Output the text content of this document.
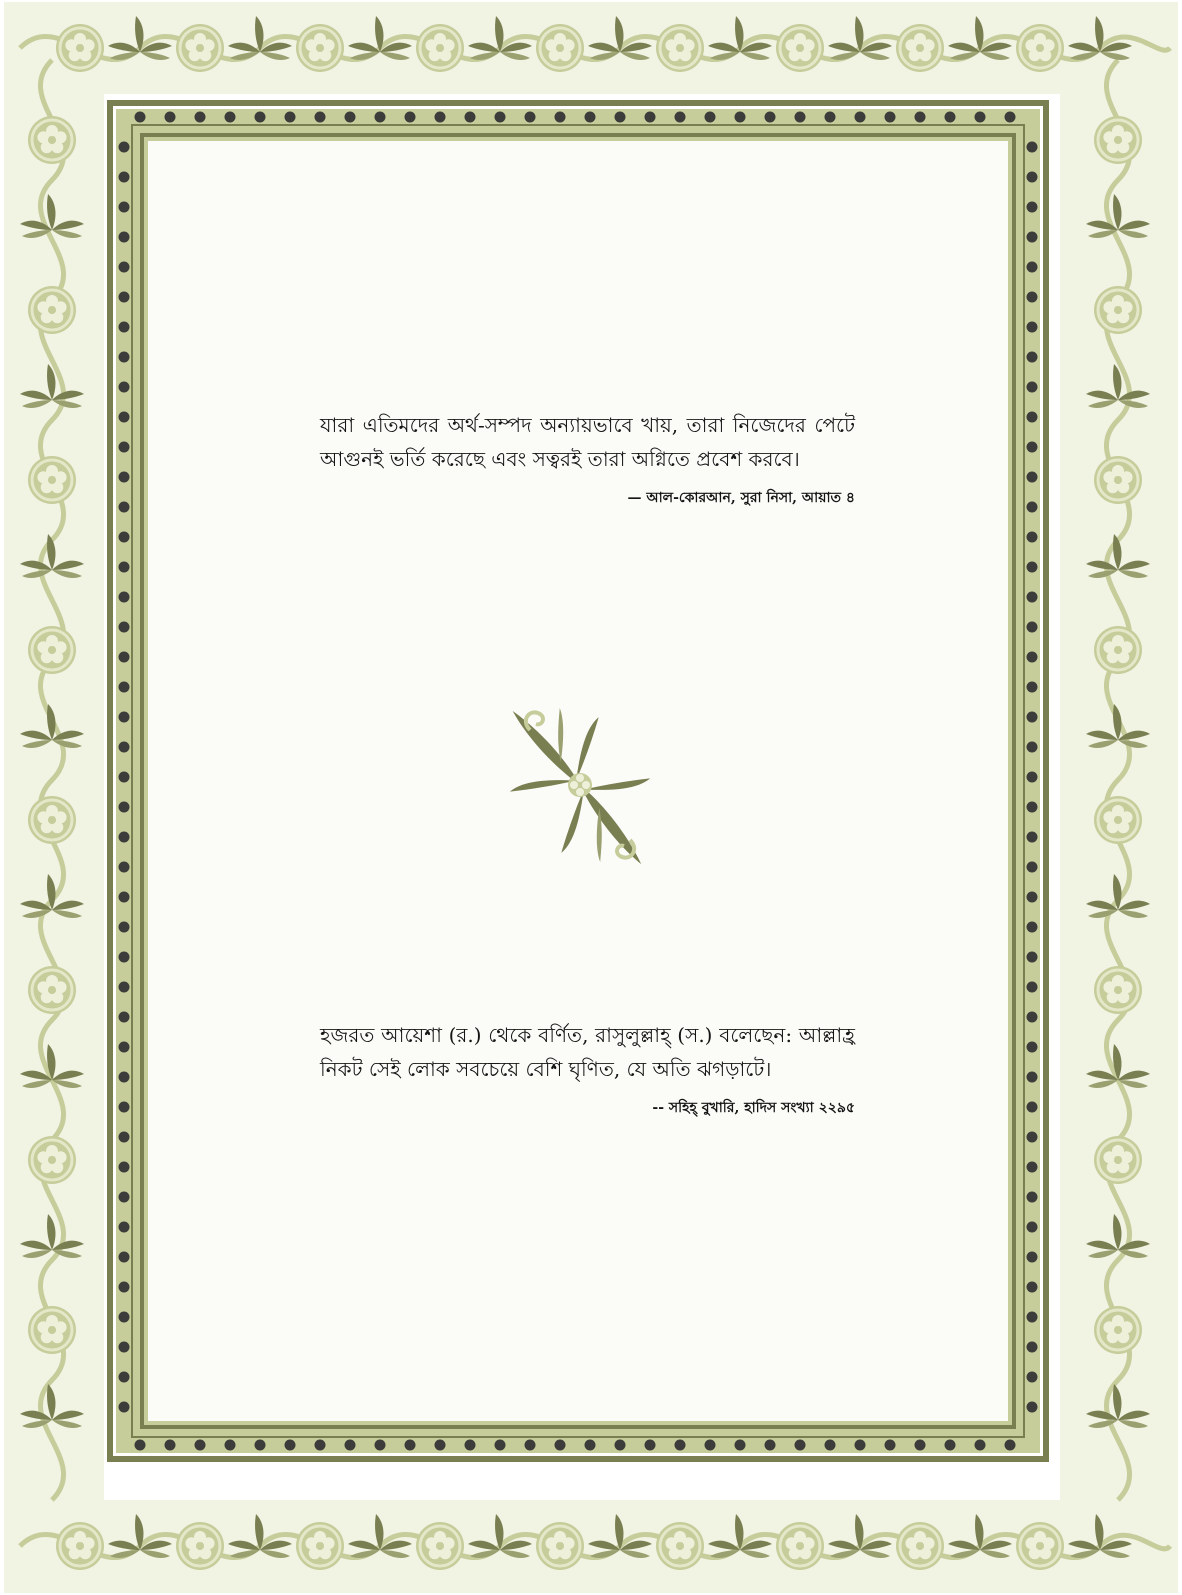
যারা এতিমদের অর্থ-সম্পদ অন্যায়ভাবে খায়, তারা নিজেদের পেটে আগুনই ভর্তি করেছে এবং সত্বরই তারা অগ্নিতে প্রবেশ করবে।

— আল-কোরআন, সুরা নিসা, আয়াত ৪

হজরত আয়েশা (র.) থেকে বর্ণিত, রাসুলুল্লাহ্ (স.) বলেছেন: আল্লাহ্র নিকট সেই লোক সবচেয়ে বেশি ঘৃণিত, যে অতি ঝগড়াটে।

-- সহিহ্ বুখারি, হাদিস সংখ্যা ২২৯৫
